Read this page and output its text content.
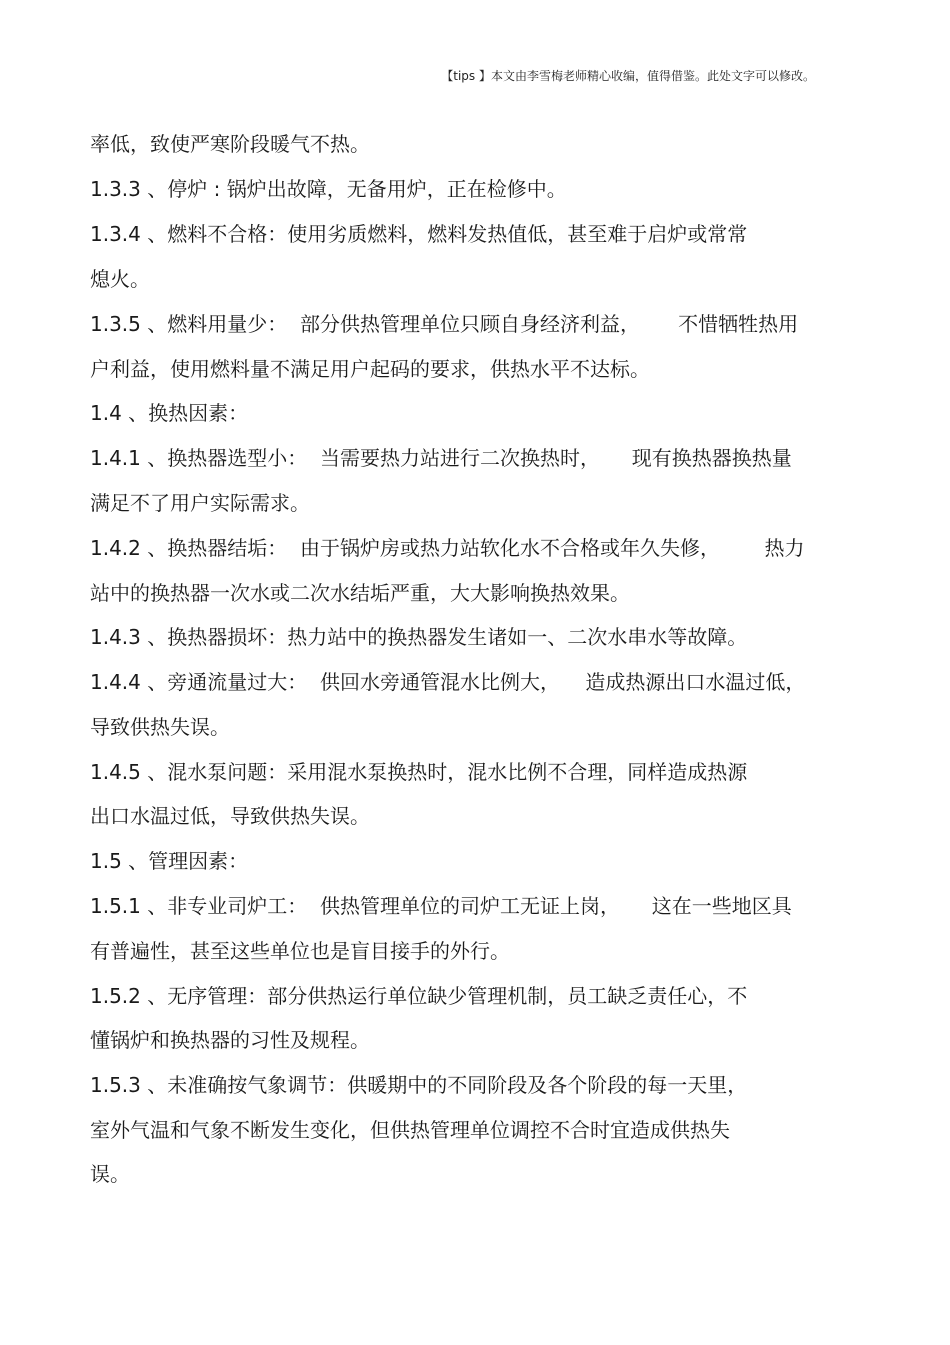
【tips 】本文由李雪梅老师精心收编，值得借鉴。此处文字可以修改。
率低，致使严寒阶段暖气不热。
1.3.3 、停炉 : 锅炉出故障，无备用炉，正在检修中。
1.3.4 、燃料不合格：使用劣质燃料，燃料发热值低，甚至难于启炉或常常
熄火。
1.3.5 、燃料用量少：  部分供热管理单位只顾自身经济利益，      不惜牺牲热用
户利益，使用燃料量不满足用户起码的要求，供热水平不达标。
1.4 、换热因素：
1.4.1 、换热器选型小：  当需要热力站进行二次换热时，     现有换热器换热量
满足不了用户实际需求。
1.4.2 、换热器结垢：  由于锅炉房或热力站软化水不合格或年久失修，       热力
站中的换热器一次水或二次水结垢严重，大大影响换热效果。
1.4.3 、换热器损坏：热力站中的换热器发生诸如一、二次水串水等故障。
1.4.4 、旁通流量过大：  供回水旁通管混水比例大，    造成热源出口水温过低，
导致供热失误。
1.4.5 、混水泵问题：采用混水泵换热时，混水比例不合理，同样造成热源
出口水温过低，导致供热失误。
1.5 、管理因素：
1.5.1 、非专业司炉工：  供热管理单位的司炉工无证上岗，     这在一些地区具
有普遍性，甚至这些单位也是盲目接手的外行。
1.5.2 、无序管理：部分供热运行单位缺少管理机制，员工缺乏责任心，不
懂锅炉和换热器的习性及规程。
1.5.3 、未准确按气象调节：供暖期中的不同阶段及各个阶段的每一天里，
室外气温和气象不断发生变化，但供热管理单位调控不合时宜造成供热失
误。
